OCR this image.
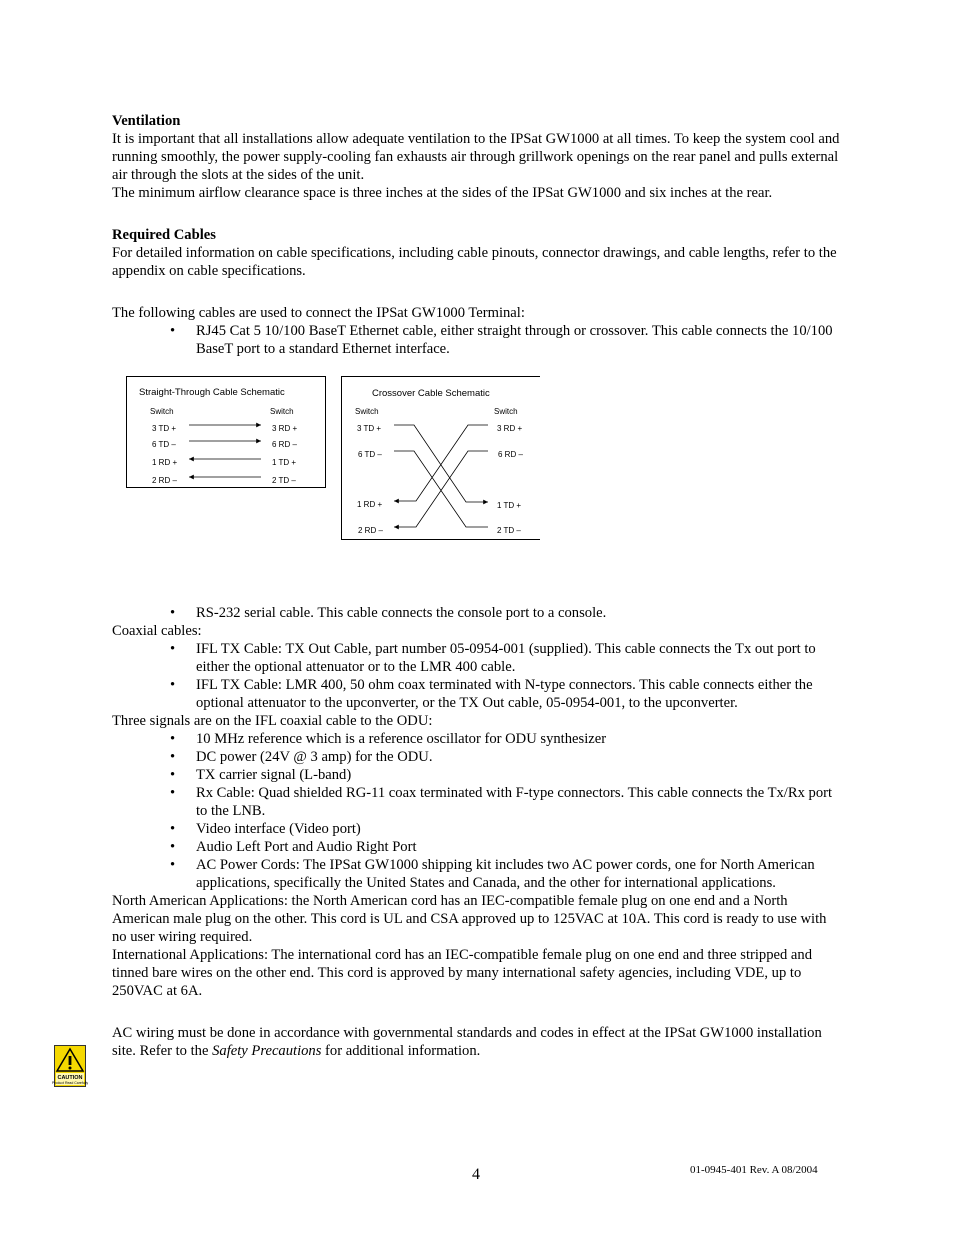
Ventilation

It is important that all installations allow adequate ventilation to the IPSat GW1000 at all times. To keep the system cool and running smoothly, the power supply-cooling fan exhausts air through grillwork openings on the rear panel and pulls external air through the slots at the sides of the unit.

The minimum airflow clearance space is three inches at the sides of the IPSat GW1000 and six inches at the rear.

Required Cables

For detailed information on cable specifications, including cable pinouts, connector drawings, and cable lengths, refer to the appendix on cable specifications.

The following cables are used to connect the IPSat GW1000 Terminal:

• RJ45 Cat 5 10/100 BaseT Ethernet cable, either straight through or crossover. This cable connects the 10/100 BaseT port to a standard Ethernet interface.
Straight-Through Cable Schematic
Switch	Switch
3 TD +
6 TD –
1 RD +
2 RD –
3 RD +
6 RD –
1 TD +
2 TD –
Crossover Cable Schematic
Switch	Switch
3 TD +
6 TD –
1 RD +
2 RD –
3 RD +
6 RD –
1 TD +
2 TD –
• RS-232 serial cable. This cable connects the console port to a console.

Coaxial cables:

• IFL TX Cable: TX Out Cable, part number 05-0954-001 (supplied). This cable connects the Tx out port to either the optional attenuator or to the LMR 400 cable.
• IFL TX Cable: LMR 400, 50 ohm coax terminated with N-type connectors. This cable connects either the optional attenuator to the upconverter, or the TX Out cable, 05-0954-001, to the upconverter.

Three signals are on the IFL coaxial cable to the ODU:

• 10 MHz reference which is a reference oscillator for ODU synthesizer
• DC power (24V @ 3 amp) for the ODU.
• TX carrier signal (L-band)
• Rx Cable: Quad shielded RG-11 coax terminated with F-type connectors. This cable connects the Tx/Rx port to the LNB.
• Video interface (Video port)
• Audio Left Port and Audio Right Port
• AC Power Cords: The IPSat GW1000 shipping kit includes two AC power cords, one for North American applications, specifically the United States and Canada, and the other for international applications.

North American Applications: the North American cord has an IEC-compatible female plug on one end and a North American male plug on the other. This cord is UL and CSA approved up to 125VAC at 10A. This cord is ready to use with no user wiring required.

International Applications: The international cord has an IEC-compatible female plug on one end and three stripped and tinned bare wires on the other end. This cord is approved by many international safety agencies, including VDE, up to 250VAC at 6A.

AC wiring must be done in accordance with governmental standards and codes in effect at the IPSat GW1000 installation site. Refer to the Safety Precautions for additional information.

CAUTION
Product Read Carefully
4	01-0945-401 Rev. A 08/2004
